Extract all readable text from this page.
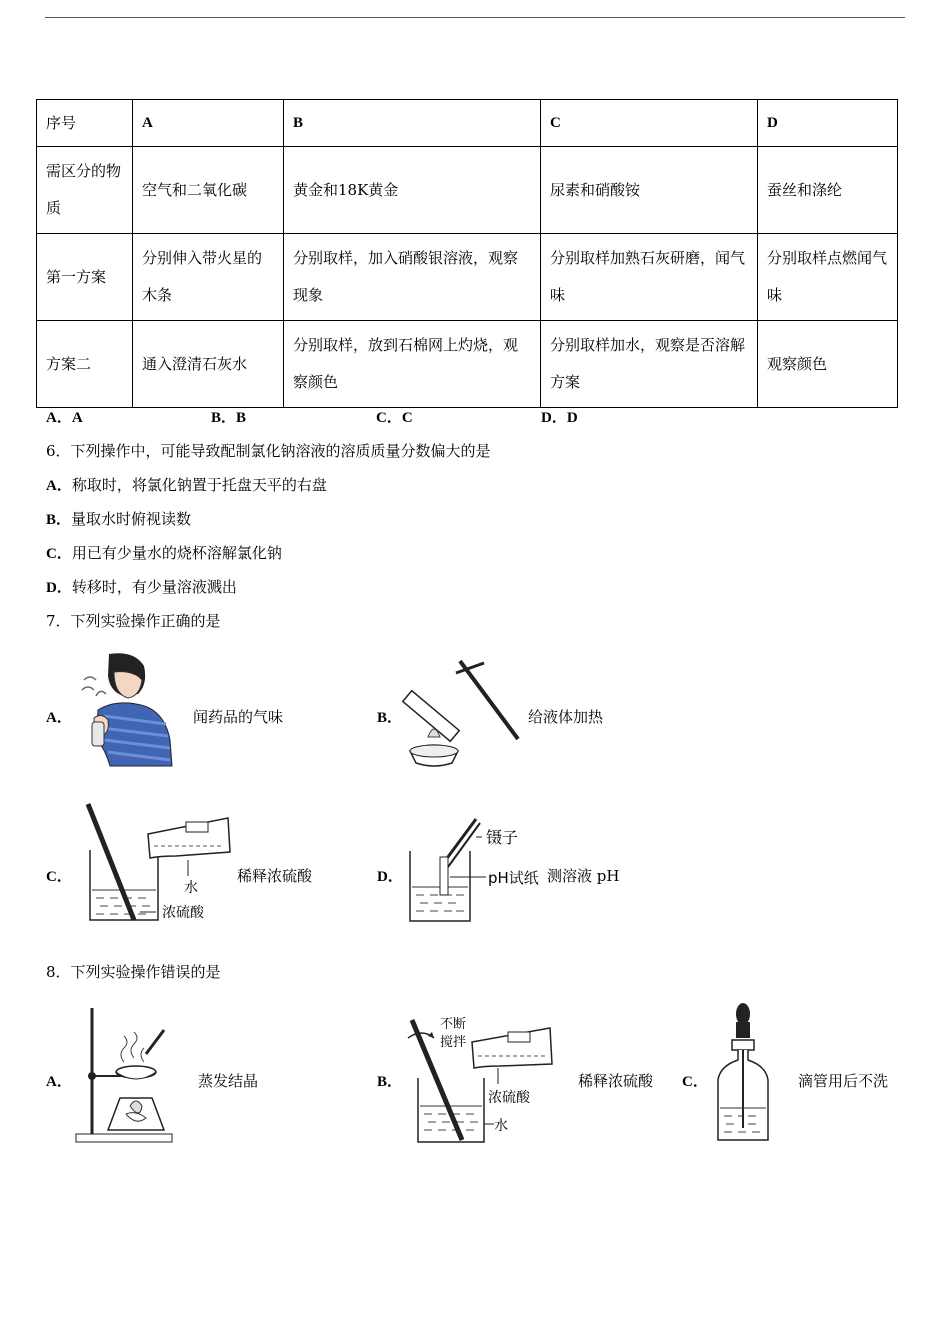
序号	A	B	C	D
需区分的物质	空气和二氧化碳	黄金和18K黄金	尿素和硝酸铵	蚕丝和涤纶
第一方案	分别伸入带火星的木条	分别取样，加入硝酸银溶液，观察现象	分别取样加熟石灰研磨，闻气味	分别取样点燃闻气味
方案二	通入澄清石灰水	分别取样，放到石棉网上灼烧，观察颜色	分别取样加水，观察是否溶解方案	观察颜色
A．A	B．B	C．C	D．D
6．下列操作中，可能导致配制氯化钠溶液的溶质质量分数偏大的是
A．称取时，将氯化钠置于托盘天平的右盘
B．量取水时俯视读数
C．用已有少量水的烧杯溶解氯化钠
D．转移时，有少量溶液溅出
7．下列实验操作正确的是
A．	闻药品的气味	B．	给液体加热
C．
水
浓硫酸
稀释浓硫酸	D．
镊子
pH试纸 测溶液 pH
8．下列实验操作错误的是
A．	蒸发结晶	B．
不断
搅拌
浓硫酸
水
稀释浓硫酸 C．	滴管用后不洗
